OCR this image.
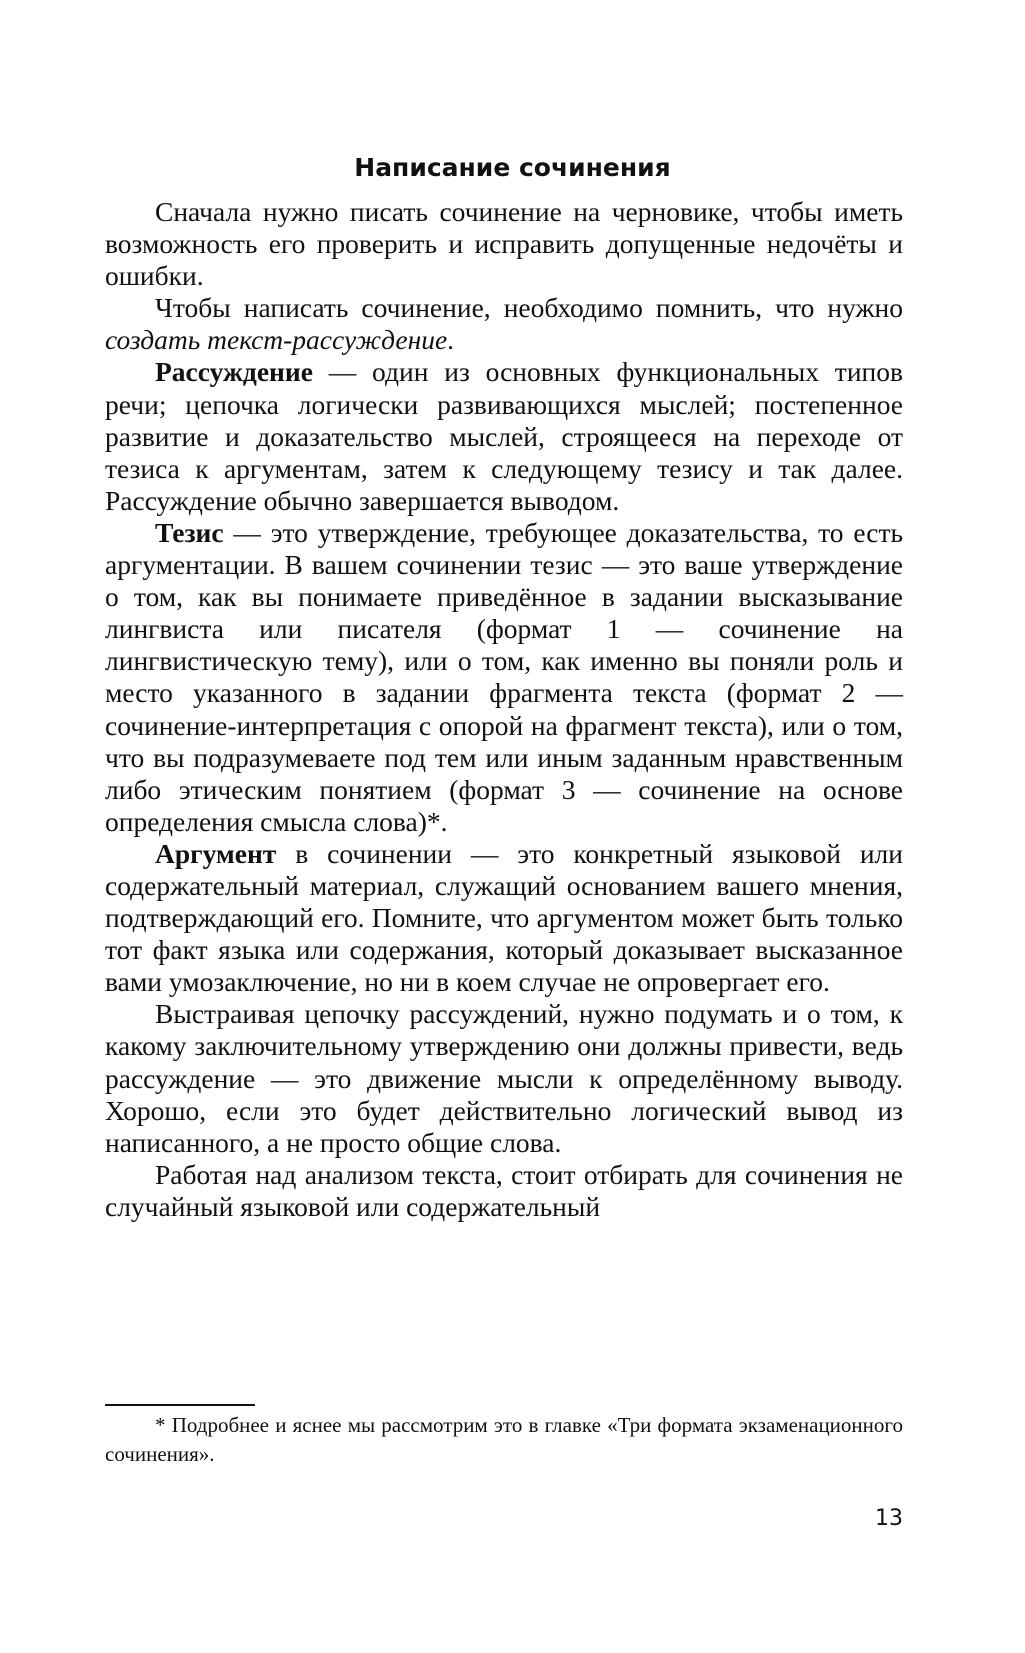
Написание сочинения

Сначала нужно писать сочинение на черновике, чтобы иметь возможность его проверить и исправить допущенные недочёты и ошибки.

Чтобы написать сочинение, необходимо помнить, что нужно создать текст-рассуждение.

Рассуждение — один из основных функциональных типов речи; цепочка логически развивающихся мыслей; постепенное развитие и доказательство мыслей, строящееся на переходе от тезиса к аргументам, затем к следующему тезису и так далее. Рассуждение обычно завершается выводом.

Тезис — это утверждение, требующее доказательства, то есть аргументации. В вашем сочинении тезис — это ваше утверждение о том, как вы понимаете приведённое в задании высказывание лингвиста или писателя (формат 1 — сочинение на лингвистическую тему), или о том, как именно вы поняли роль и место указанного в задании фрагмента текста (формат 2 — сочинение-интерпретация с опорой на фрагмент текста), или о том, что вы подразумеваете под тем или иным заданным нравственным либо этическим понятием (формат 3 — сочинение на основе определения смысла слова)*.

Аргумент в сочинении — это конкретный языковой или содержательный материал, служащий основанием вашего мнения, подтверждающий его. Помните, что аргументом может быть только тот факт языка или содержания, который доказывает высказанное вами умозаключение, но ни в коем случае не опровергает его.

Выстраивая цепочку рассуждений, нужно подумать и о том, к какому заключительному утверждению они должны привести, ведь рассуждение — это движение мысли к определённому выводу. Хорошо, если это будет действительно логический вывод из написанного, а не просто общие слова.

Работая над анализом текста, стоит отбирать для сочинения не случайный языковой или содержательный

* Подробнее и яснее мы рассмотрим это в главке «Три формата экзаменационного сочинения».

13
